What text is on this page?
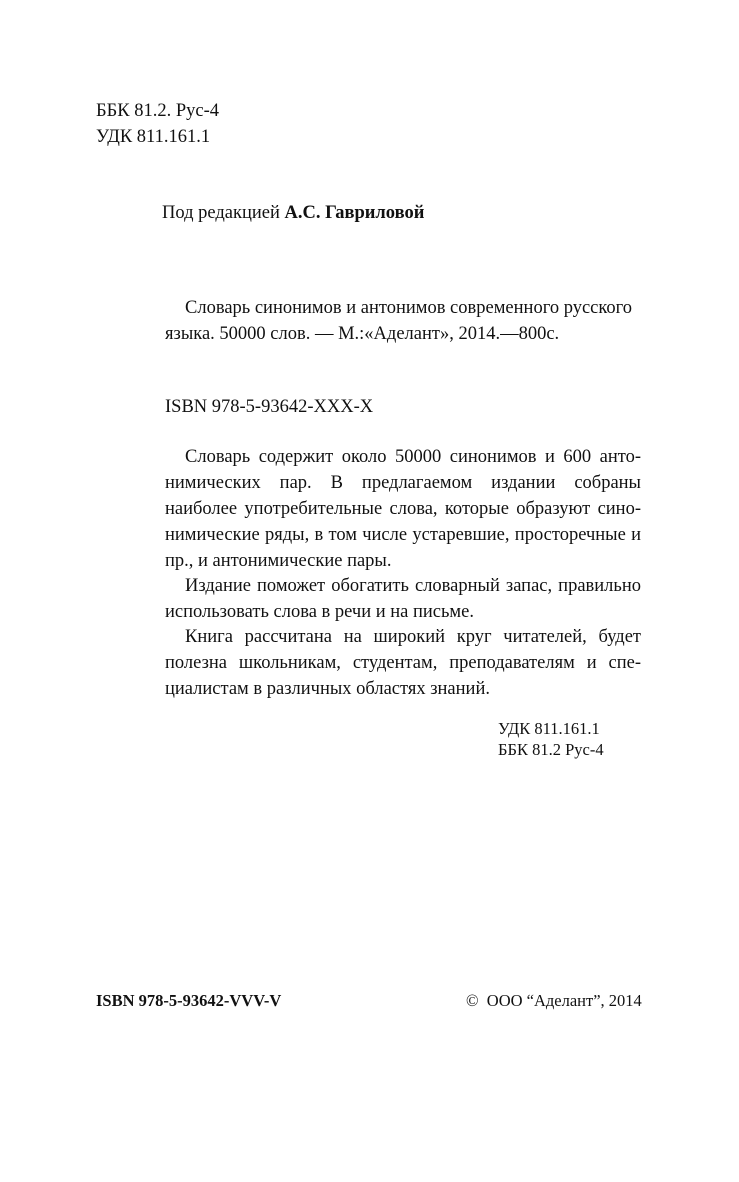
ББК 81.2. Рус-4
УДК 811.161.1
Под редакцией А.С. Гавриловой
Словарь синонимов и антонимов современного русского
языка. 50000 слов. — М.:«Аделант», 2014.—800с.
ISBN 978-5-93642-XXX-X
Словарь содержит около 50000 синонимов и 600 анто-
нимических пар. В предлагаемом издании собраны
наиболее употребительные слова, которые образуют сино-
нимические ряды, в том числе устаревшие, просторечные и
пр., и антонимические пары.
Издание поможет обогатить словарный запас, правильно
использовать слова в речи и на письме.
Книга рассчитана на широкий круг читателей, будет
полезна школьникам, студентам, преподавателям и спе-
циалистам в различных областях знаний.
УДК 811.161.1
ББК 81.2 Рус-4
ISBN 978-5-93642-VVV-V	© ООО “Аделант”, 2014
